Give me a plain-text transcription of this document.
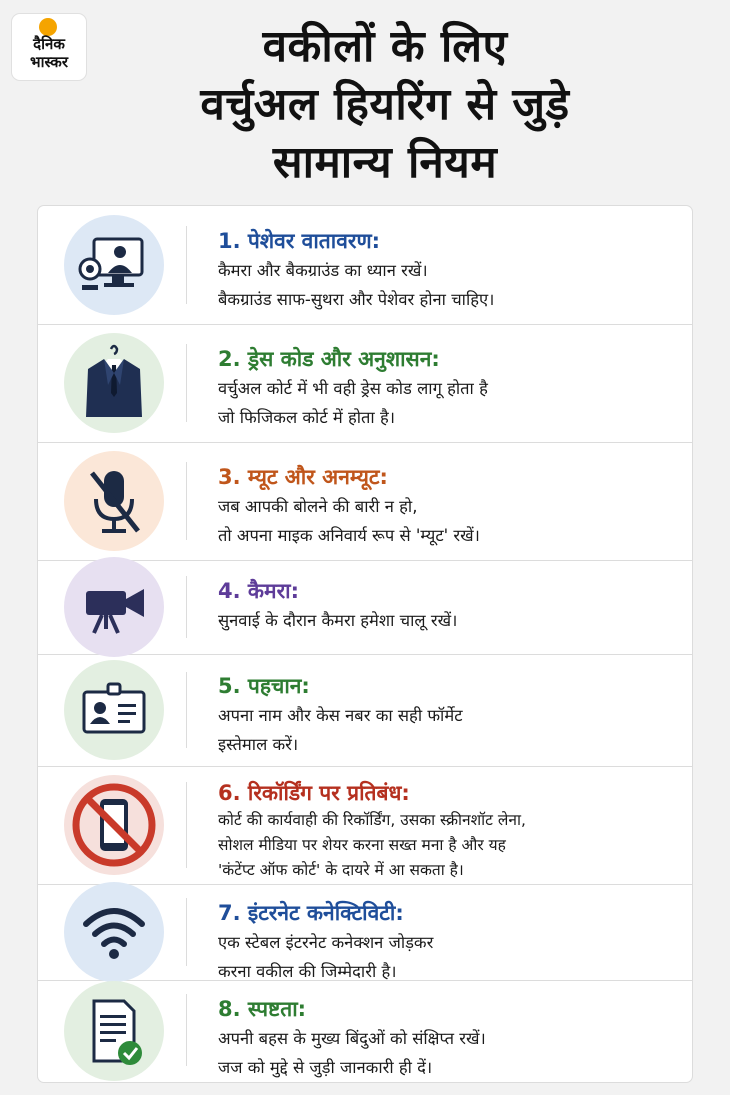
दैनिक
भास्कर	वकीलों के लिए
वर्चुअल हियरिंग से जुड़े
सामान्य नियम
1. पेशेवर वातावरण:
कैमरा और बैकग्राउंड का ध्यान रखें।
बैकग्राउंड साफ-सुथरा और पेशेवर होना चाहिए।
2. ड्रेस कोड और अनुशासन:
वर्चुअल कोर्ट में भी वही ड्रेस कोड लागू होता है
जो फिजिकल कोर्ट में होता है।
3. म्यूट और अनम्यूट:
जब आपकी बोलने की बारी न हो,
तो अपना माइक अनिवार्य रूप से 'म्यूट' रखें।
4. कैमरा:
सुनवाई के दौरान कैमरा हमेशा चालू रखें।
5. पहचान:
अपना नाम और केस नबर का सही फॉर्मेट
इस्तेमाल करें।
6. रिकॉर्डिंग पर प्रतिबंध:
कोर्ट की कार्यवाही की रिकॉर्डिंग, उसका स्क्रीनशॉट लेना,
सोशल मीडिया पर शेयर करना सख्त मना है और यह
'कंटेंप्ट ऑफ कोर्ट' के दायरे में आ सकता है।
7. इंटरनेट कनेक्टिविटी:
एक स्टेबल इंटरनेट कनेक्शन जोड़कर
करना वकील की जिम्मेदारी है।
8. स्पष्टता:
अपनी बहस के मुख्य बिंदुओं को संक्षिप्त रखें।
जज को मुद्दे से जुड़ी जानकारी ही दें।
